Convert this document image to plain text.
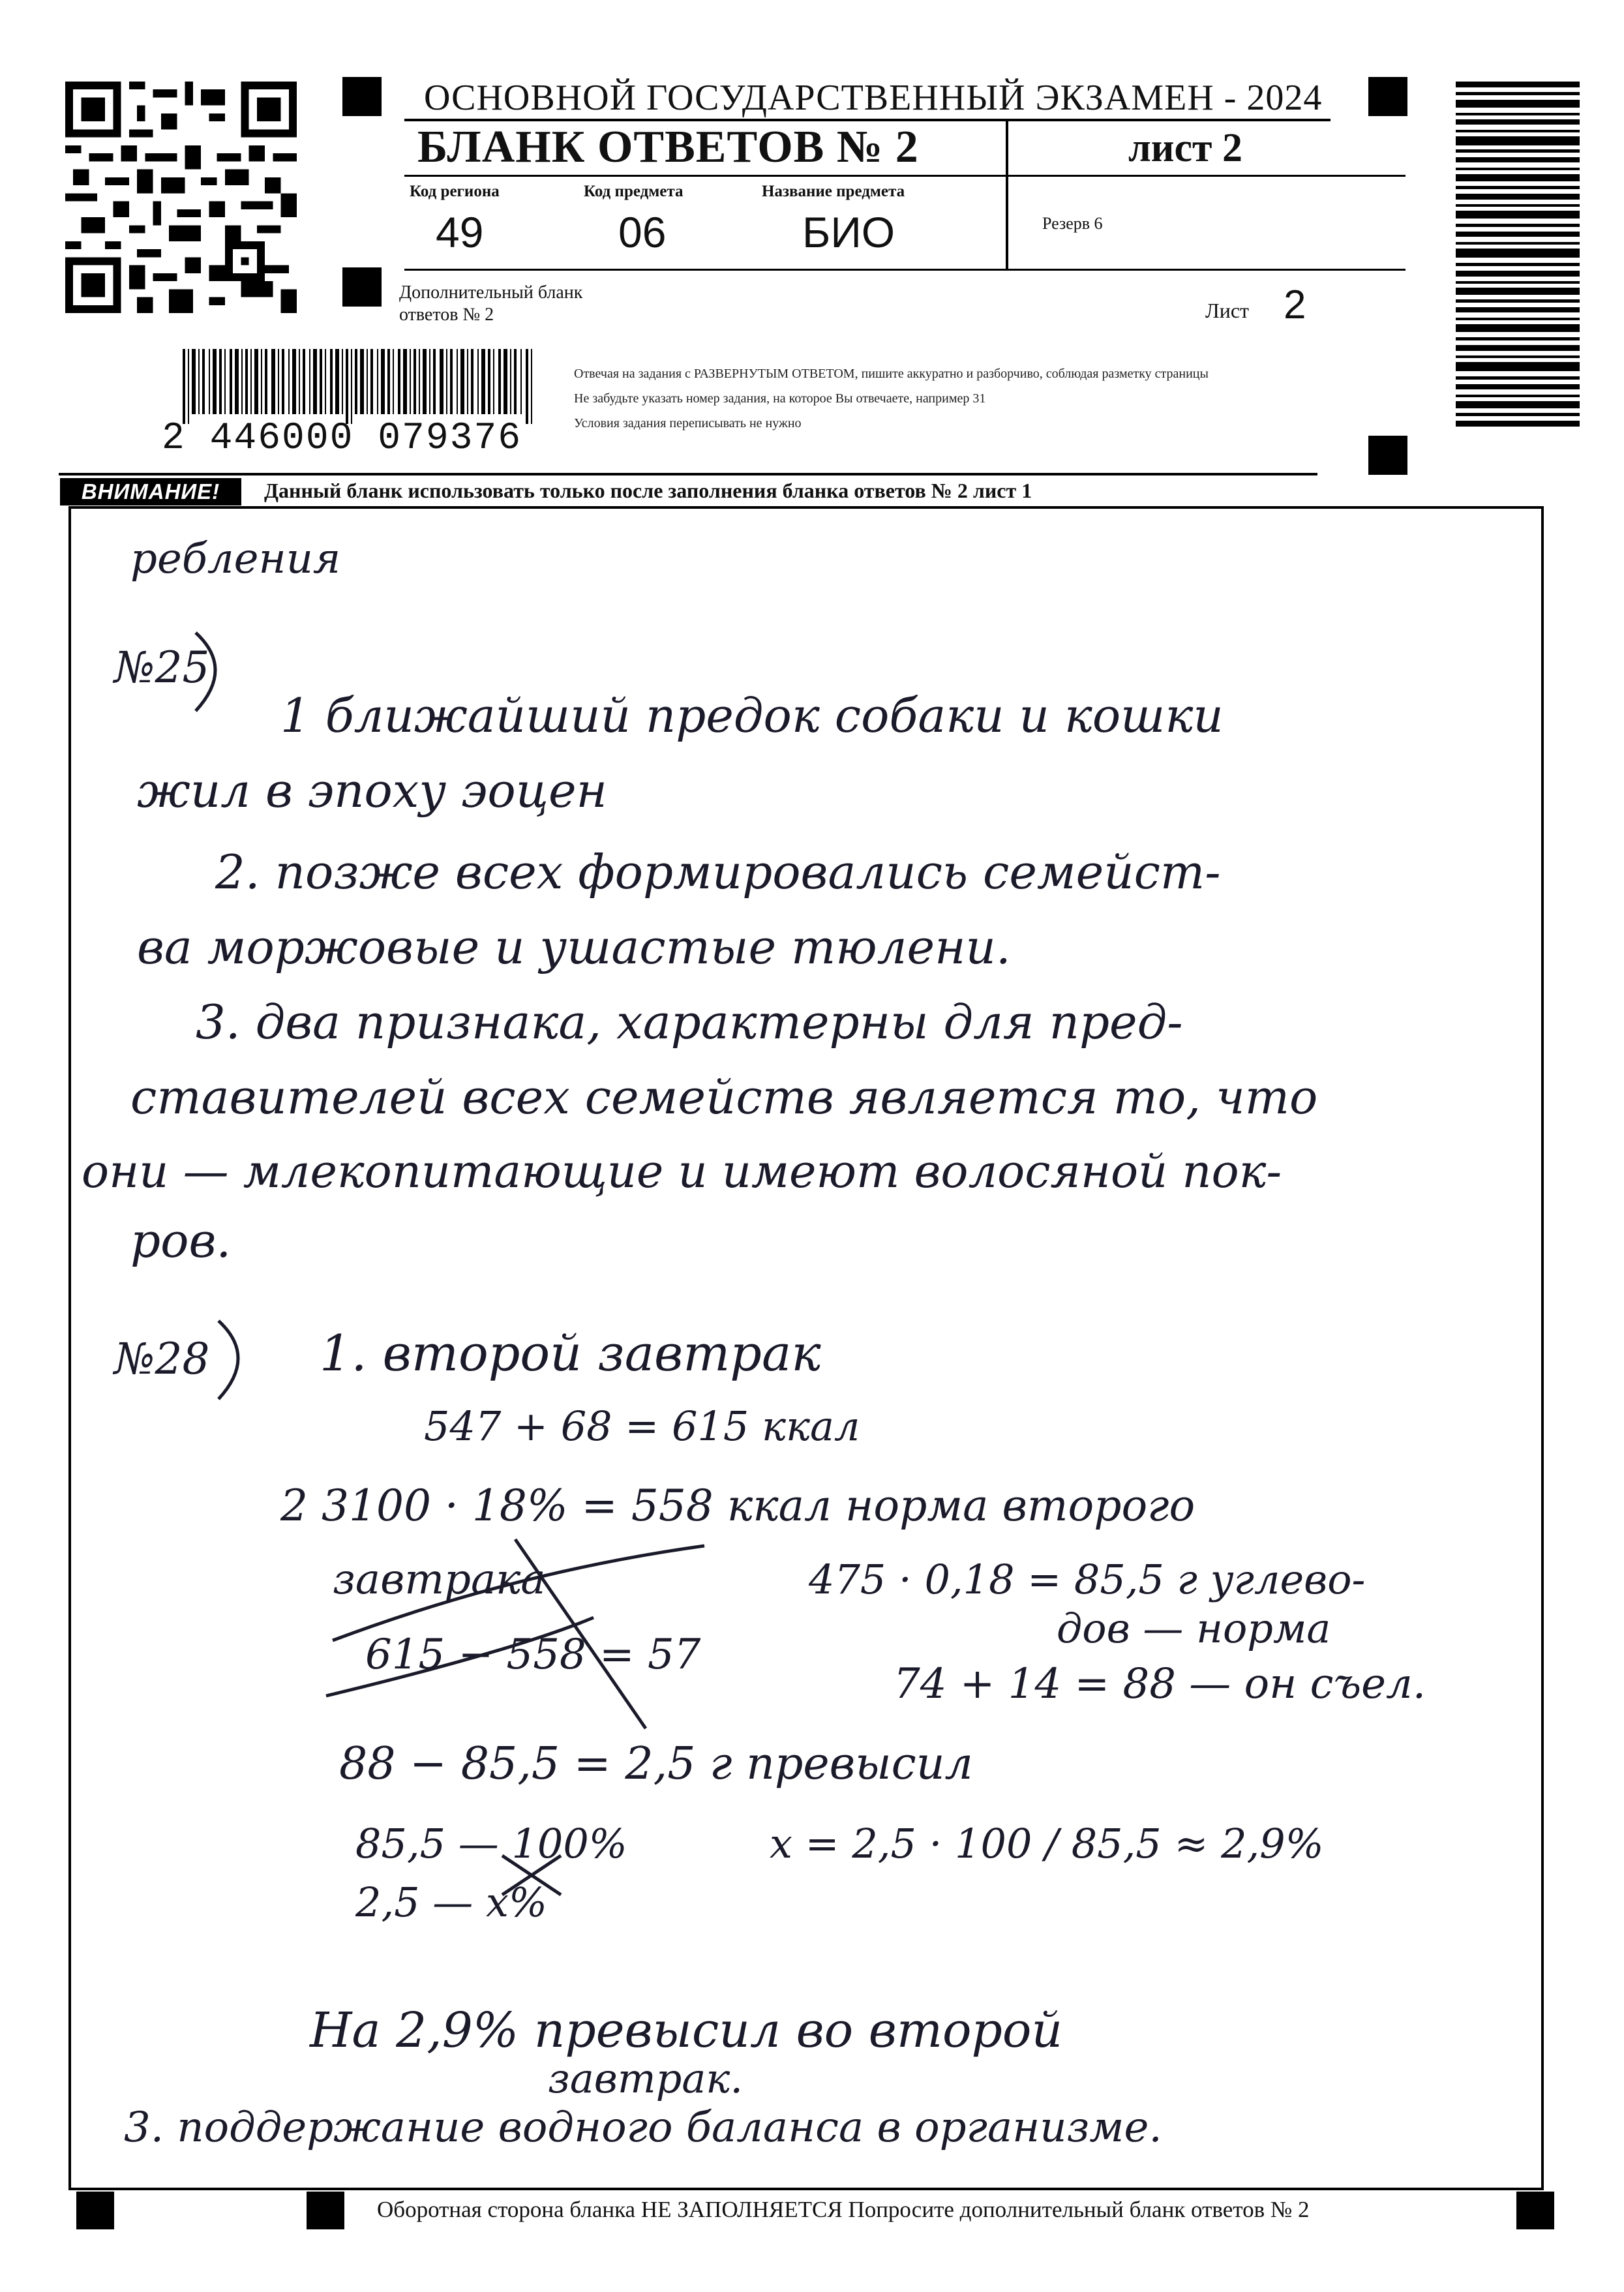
2 446000 079376
ОСНОВНОЙ ГОСУДАРСТВЕННЫЙ ЭКЗАМЕН - 2024
БЛАНК ОТВЕТОВ № 2	лист 2
Код региона
49
Код предмета
06
Название предмета
БИО	Резерв 6
Дополнительный бланк ответов № 2	Лист 2
Отвечая на задания с РАЗВЕРНУТЫМ ОТВЕТОМ, пишите аккуратно и разборчиво, соблюдая разметку страницы
Не забудьте указать номер задания, на которое Вы отвечаете, например 31
Условия задания переписывать не нужно
ВНИМАНИЕ!	Данный бланк использовать только после заполнения бланка ответов № 2 лист 1
ребления
№25
1 ближайший предок собаки и кошки
жил в эпоху эоцен
2. позже всех формировались семейст-
ва моржовые и ушастые тюлени.
3. два признака, характерны для пред-
ставителей всех семейств является то, что
они — млекопитающие и имеют волосяной пок-
ров.
№28 1. второй завтрак
547 + 68 = 615 ккал
2 3100 · 18% = 558 ккал норма второго
завтрака	475 · 0,18 = 85,5 г углево-
дов — норма
615 − 558 = 57
74 + 14 = 88 — он съел.
88 − 85,5 = 2,5 г превысил
85,5 — 100%	x = 2,5 · 100 / 85,5 ≈ 2,9%
2,5 — x%
На 2,9% превысил во второй
завтрак.
3. поддержание водного баланса в организме.
Оборотная сторона бланка НЕ ЗАПОЛНЯЕТСЯ Попросите дополнительный бланк ответов № 2
